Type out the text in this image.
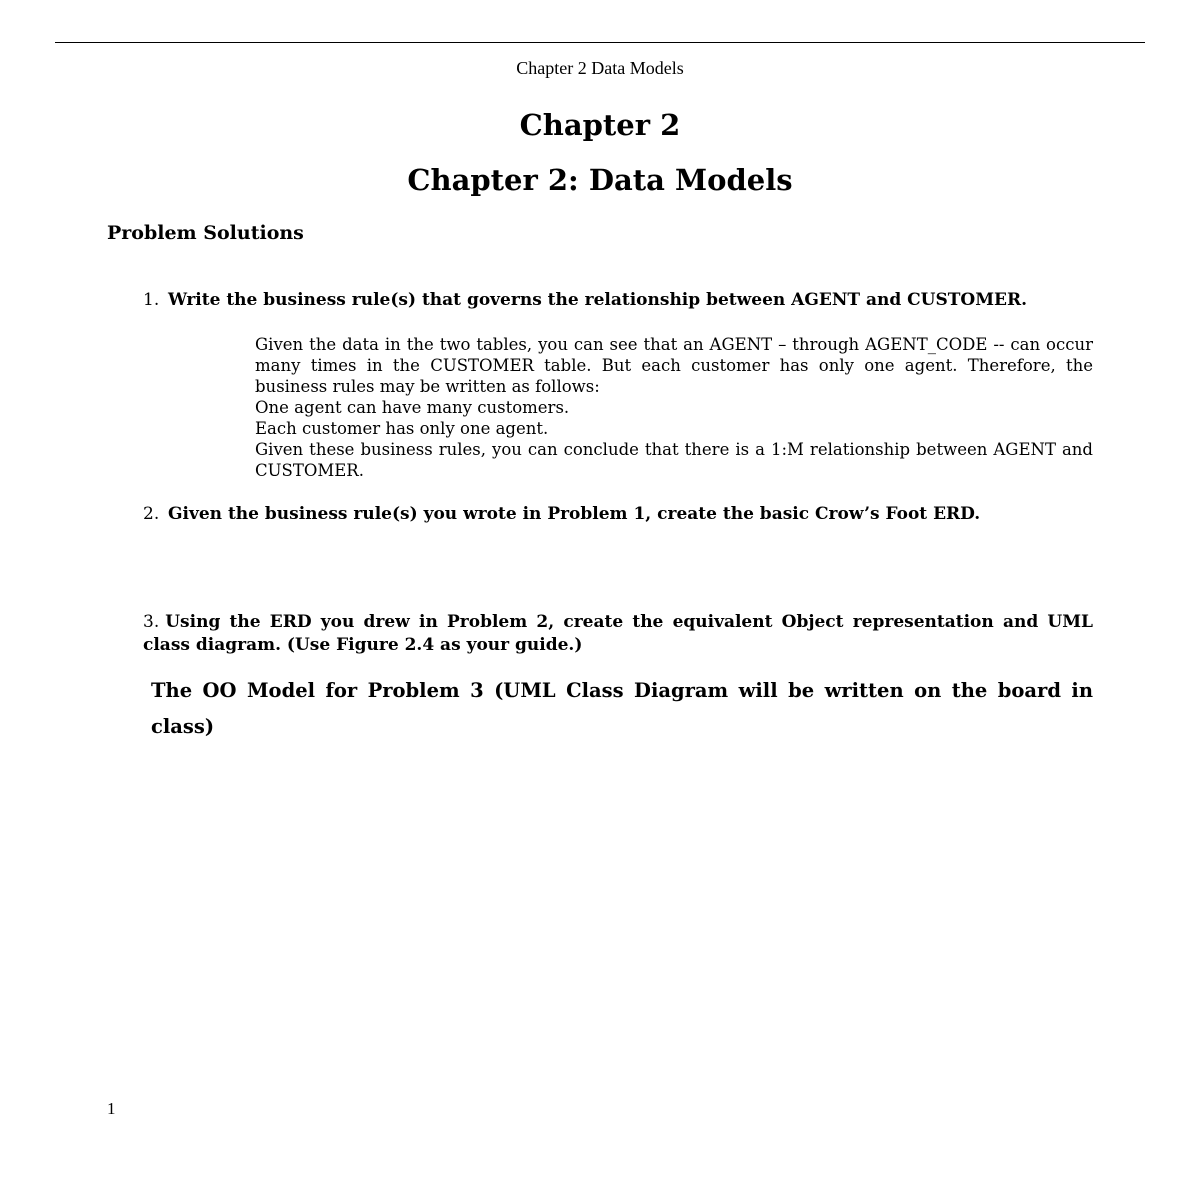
Chapter 2 Data Models
Chapter 2
Chapter 2: Data Models
Problem Solutions
1. Write the business rule(s) that governs the relationship between AGENT and CUSTOMER.

Given the data in the two tables, you can see that an AGENT – through AGENT_CODE -- can occur many times in the CUSTOMER table. But each customer has only one agent. Therefore, the business rules may be written as follows:

One agent can have many customers.

Each customer has only one agent.

Given these business rules, you can conclude that there is a 1:M relationship between AGENT and CUSTOMER.

2. Given the business rule(s) you wrote in Problem 1, create the basic Crow’s Foot ERD.
3. Using the ERD you drew in Problem 2, create the equivalent Object representation and UML class diagram. (Use Figure 2.4 as your guide.)
The OO Model for Problem 3 (UML Class Diagram will be written on the board in class)
1
